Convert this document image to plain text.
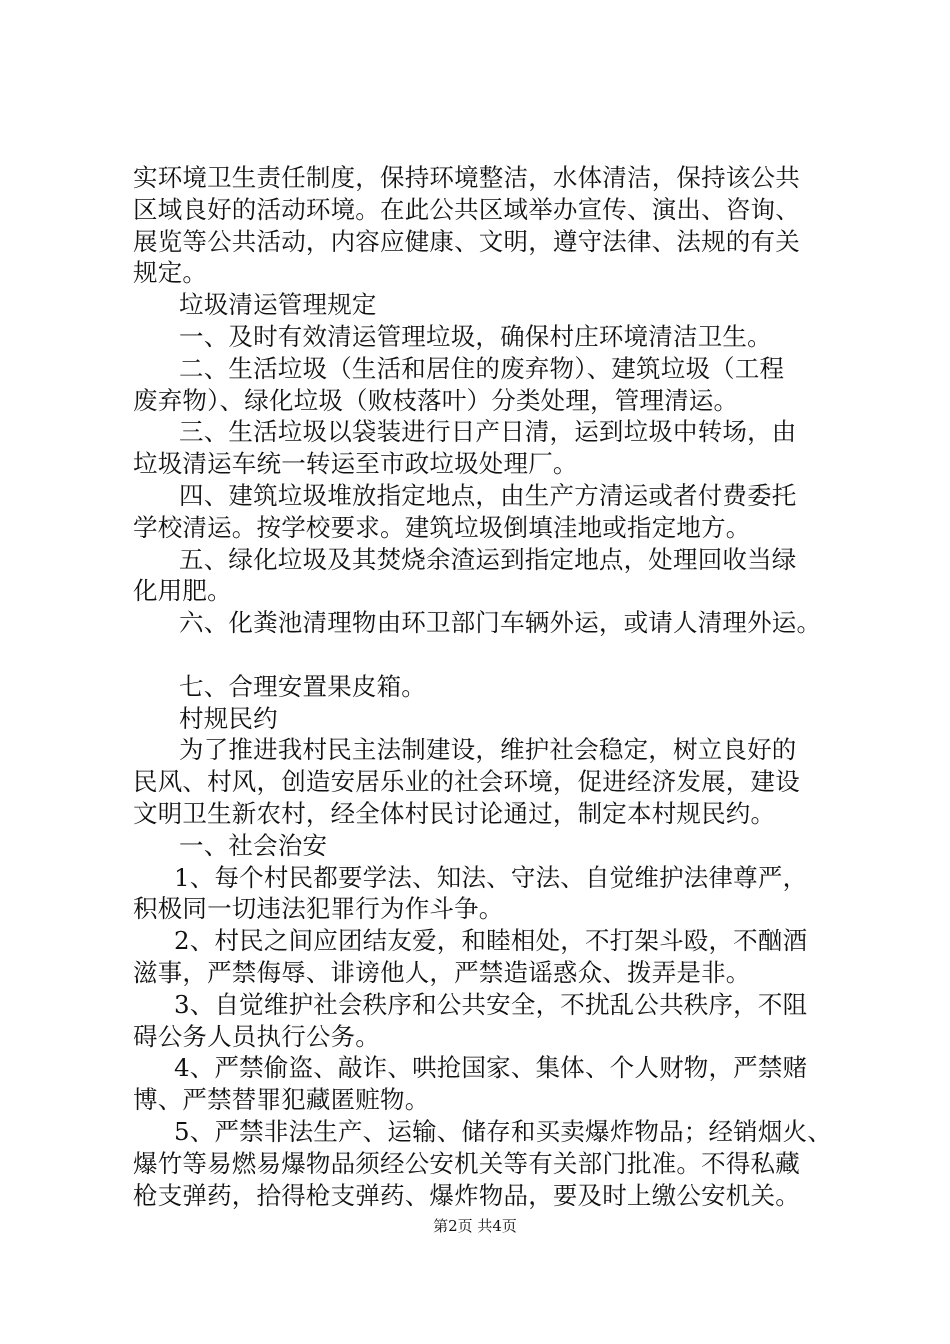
实环境卫生责任制度，保持环境整洁，水体清洁，保持该公共
区域良好的活动环境。在此公共区域举办宣传、演出、咨询、
展览等公共活动，内容应健康、文明，遵守法律、法规的有关
规定。
垃圾清运管理规定
一、及时有效清运管理垃圾，确保村庄环境清洁卫生。
二、生活垃圾（生活和居住的废弃物）、建筑垃圾（工程
废弃物）、绿化垃圾（败枝落叶）分类处理，管理清运。
三、生活垃圾以袋装进行日产日清，运到垃圾中转场，由
垃圾清运车统一转运至市政垃圾处理厂。
四、建筑垃圾堆放指定地点，由生产方清运或者付费委托
学校清运。按学校要求。建筑垃圾倒填洼地或指定地方。
五、绿化垃圾及其焚烧余渣运到指定地点，处理回收当绿
化用肥。
六、化粪池清理物由环卫部门车辆外运，或请人清理外运。
七、合理安置果皮箱。
村规民约
为了推进我村民主法制建设，维护社会稳定，树立良好的
民风、村风，创造安居乐业的社会环境，促进经济发展，建设
文明卫生新农村，经全体村民讨论通过，制定本村规民约。
一、社会治安
1、每个村民都要学法、知法、守法、自觉维护法律尊严，
积极同一切违法犯罪行为作斗争。
2、村民之间应团结友爱，和睦相处，不打架斗殴，不酗酒
滋事，严禁侮辱、诽谤他人，严禁造谣惑众、拨弄是非。
3、自觉维护社会秩序和公共安全，不扰乱公共秩序，不阻
碍公务人员执行公务。
4、严禁偷盗、敲诈、哄抢国家、集体、个人财物，严禁赌
博、严禁替罪犯藏匿赃物。
5、严禁非法生产、运输、储存和买卖爆炸物品；经销烟火、
爆竹等易燃易爆物品须经公安机关等有关部门批准。不得私藏
枪支弹药，拾得枪支弹药、爆炸物品，要及时上缴公安机关。
第2页 共4页
